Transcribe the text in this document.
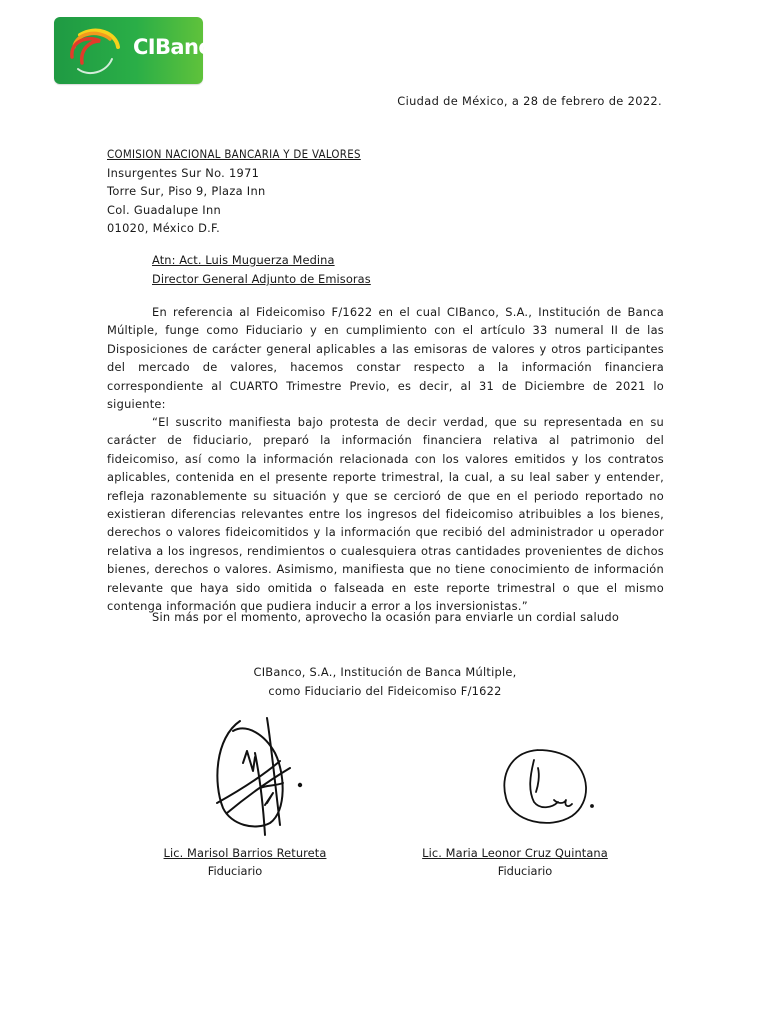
CIBanco
Ciudad de México, a 28 de febrero de 2022.
COMISION NACIONAL BANCARIA Y DE VALORES
Insurgentes Sur No. 1971
Torre Sur, Piso 9, Plaza Inn
Col. Guadalupe Inn
01020, México D.F.
Atn: Act. Luis Muguerza Medina
Director General Adjunto de Emisoras
En referencia al Fideicomiso F/1622 en el cual CIBanco, S.A., Institución de Banca Múltiple, funge como Fiduciario y en cumplimiento con el artículo 33 numeral II de las Disposiciones de carácter general aplicables a las emisoras de valores y otros participantes del mercado de valores, hacemos constar respecto a la información financiera correspondiente al CUARTO Trimestre Previo, es decir, al 31 de Diciembre de 2021 lo siguiente:
“El suscrito manifiesta bajo protesta de decir verdad, que su representada en su carácter de fiduciario, preparó la información financiera relativa al patrimonio del fideicomiso, así como la información relacionada con los valores emitidos y los contratos aplicables, contenida en el presente reporte trimestral, la cual, a su leal saber y entender, refleja razonablemente su situación y que se cercioró de que en el periodo reportado no existieran diferencias relevantes entre los ingresos del fideicomiso atribuibles a los bienes, derechos o valores fideicomitidos y la información que recibió del administrador u operador relativa a los ingresos, rendimientos o cualesquiera otras cantidades provenientes de dichos bienes, derechos o valores. Asimismo, manifiesta que no tiene conocimiento de información relevante que haya sido omitida o falseada en este reporte trimestral o que el mismo contenga información que pudiera inducir a error a los inversionistas.”
Sin más por el momento, aprovecho la ocasión para enviarle un cordial saludo
CIBanco, S.A., Institución de Banca Múltiple,
como Fiduciario del Fideicomiso F/1622
Lic. Marisol Barrios Retureta
Fiduciario
Lic. Maria Leonor Cruz Quintana
Fiduciario
